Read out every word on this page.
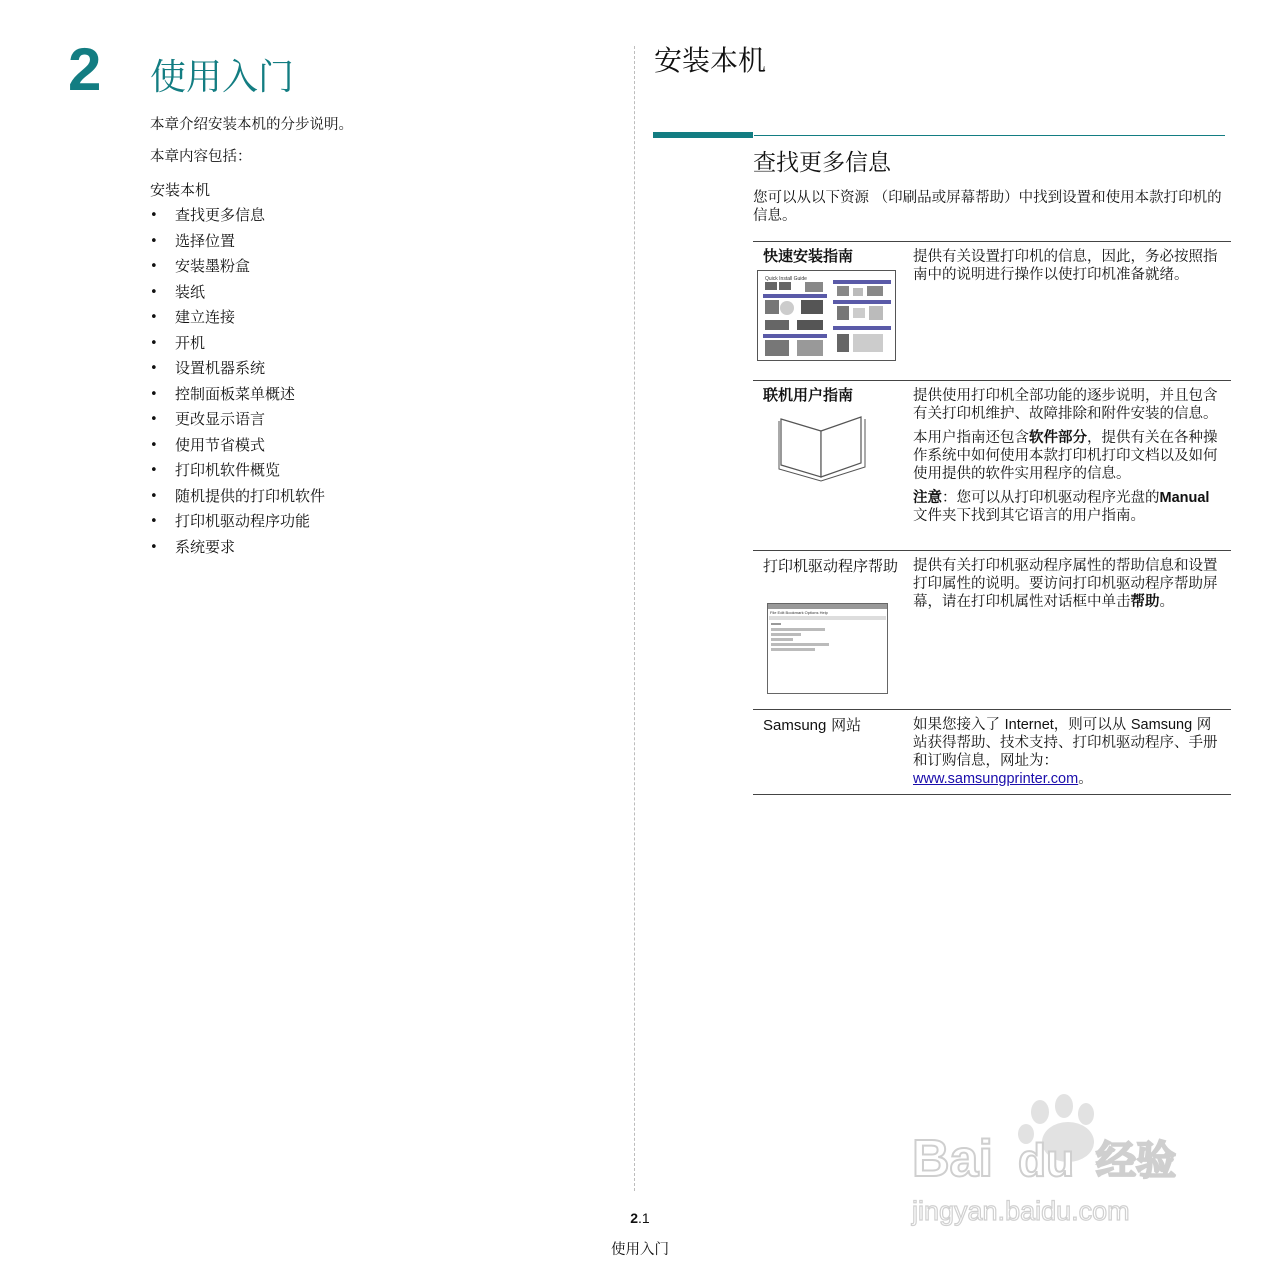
2 使用入门
本章介绍安装本机的分步说明。
本章内容包括：
安装本机
• 查找更多信息
• 选择位置
• 安装墨粉盒
• 装纸
• 建立连接
• 开机
• 设置机器系统
• 控制面板菜单概述
• 更改显示语言
• 使用节省模式
• 打印机软件概览
• 随机提供的打印机软件
• 打印机驱动程序功能
• 系统要求
安装本机
查找更多信息
您可以从以下资源 （印刷品或屏幕帮助）中找到设置和使用本款打印机的信息。
快速安装指南	提供有关设置打印机的信息，因此，务必按照指南中的说明进行操作以使打印机准备就绪。
Quick Install Guide
联机用户指南	提供使用打印机全部功能的逐步说明，并且包含有关打印机维护、故障排除和附件安装的信息。

本用户指南还包含软件部分，提供有关在各种操作系统中如何使用本款打印机打印文档以及如何使用提供的软件实用程序的信息。

注意：您可以从打印机驱动程序光盘的Manual 文件夹下找到其它语言的用户指南。

打印机驱动程序帮助	提供有关打印机驱动程序属性的帮助信息和设置打印属性的说明。要访问打印机驱动程序帮助屏幕，请在打印机属性对话框中单击帮助。
File Edit Bookmark Options Help
Samsung 网站	如果您接入了 Internet，则可以从 Samsung 网站获得帮助、技术支持、打印机驱动程序、手册和订购信息，网址为：
www.samsungprinter.com。
2.1
使用入门
Bai du 经验
jingyan.baidu.com
